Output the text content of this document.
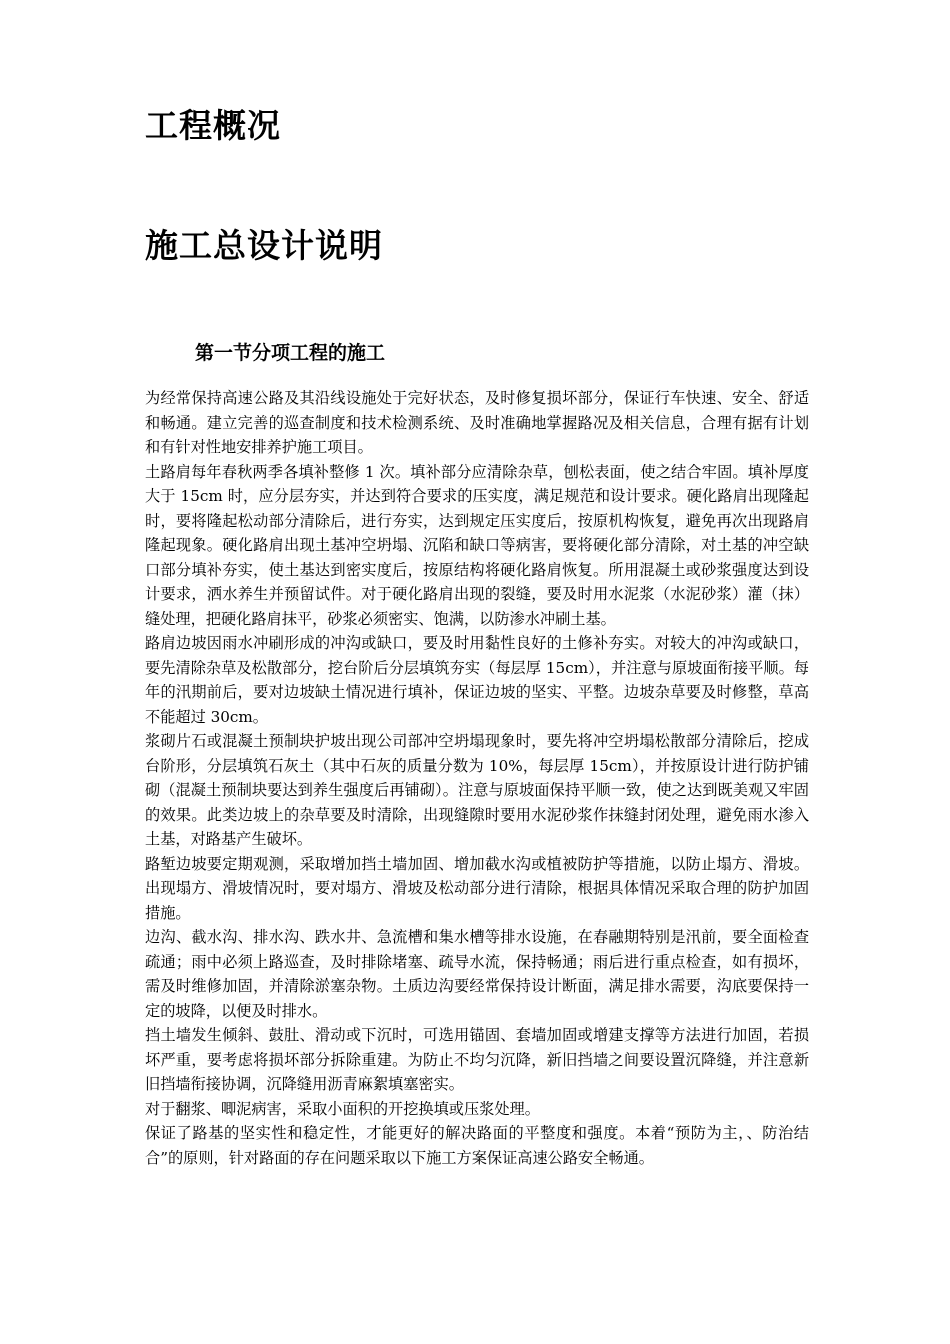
工程概况
施工总设计说明
第一节分项工程的施工

为经常保持高速公路及其沿线设施处于完好状态，及时修复损坏部分，保证行车快速、安全、舒适和畅通。建立完善的巡查制度和技术检测系统、及时准确地掌握路况及相关信息，合理有据有计划和有针对性地安排养护施工项目。

土路肩每年春秋两季各填补整修 1 次。填补部分应清除杂草，刨松表面，使之结合牢固。填补厚度大于 15cm 时，应分层夯实，并达到符合要求的压实度，满足规范和设计要求。硬化路肩出现隆起时，要将隆起松动部分清除后，进行夯实，达到规定压实度后，按原机构恢复，避免再次出现路肩隆起现象。硬化路肩出现土基冲空坍塌、沉陷和缺口等病害，要将硬化部分清除，对土基的冲空缺口部分填补夯实，使土基达到密实度后，按原结构将硬化路肩恢复。所用混凝土或砂浆强度达到设计要求，洒水养生并预留试件。对于硬化路肩出现的裂缝，要及时用水泥浆（水泥砂浆）灌（抹）缝处理，把硬化路肩抹平，砂浆必须密实、饱满，以防渗水冲刷土基。

路肩边坡因雨水冲刷形成的冲沟或缺口，要及时用黏性良好的土修补夯实。对较大的冲沟或缺口，要先清除杂草及松散部分，挖台阶后分层填筑夯实（每层厚 15cm），并注意与原坡面衔接平顺。每年的汛期前后，要对边坡缺土情况进行填补，保证边坡的坚实、平整。边坡杂草要及时修整，草高不能超过 30cm。

浆砌片石或混凝土预制块护坡出现公司部冲空坍塌现象时，要先将冲空坍塌松散部分清除后，挖成台阶形，分层填筑石灰土（其中石灰的质量分数为 10%，每层厚 15cm），并按原设计进行防护铺砌（混凝土预制块要达到养生强度后再铺砌）。注意与原坡面保持平顺一致，使之达到既美观又牢固的效果。此类边坡上的杂草要及时清除，出现缝隙时要用水泥砂浆作抹缝封闭处理，避免雨水渗入土基，对路基产生破坏。

路堑边坡要定期观测，采取增加挡土墙加固、增加截水沟或植被防护等措施，以防止塌方、滑坡。出现塌方、滑坡情况时，要对塌方、滑坡及松动部分进行清除，根据具体情况采取合理的防护加固措施。

边沟、截水沟、排水沟、跌水井、急流槽和集水槽等排水设施，在春融期特别是汛前，要全面检查疏通；雨中必须上路巡查，及时排除堵塞、疏导水流，保持畅通；雨后进行重点检查，如有损坏，需及时维修加固，并清除淤塞杂物。土质边沟要经常保持设计断面，满足排水需要，沟底要保持一定的坡降，以便及时排水。

挡土墙发生倾斜、鼓肚、滑动或下沉时，可选用锚固、套墙加固或增建支撑等方法进行加固，若损坏严重，要考虑将损坏部分拆除重建。为防止不均匀沉降，新旧挡墙之间要设置沉降缝，并注意新旧挡墙衔接协调，沉降缝用沥青麻絮填塞密实。

对于翻浆、唧泥病害，采取小面积的开挖换填或压浆处理。

保证了路基的坚实性和稳定性，才能更好的解决路面的平整度和强度。本着“预防为主，、防治结合”的原则，针对路面的存在问题采取以下施工方案保证高速公路安全畅通。
